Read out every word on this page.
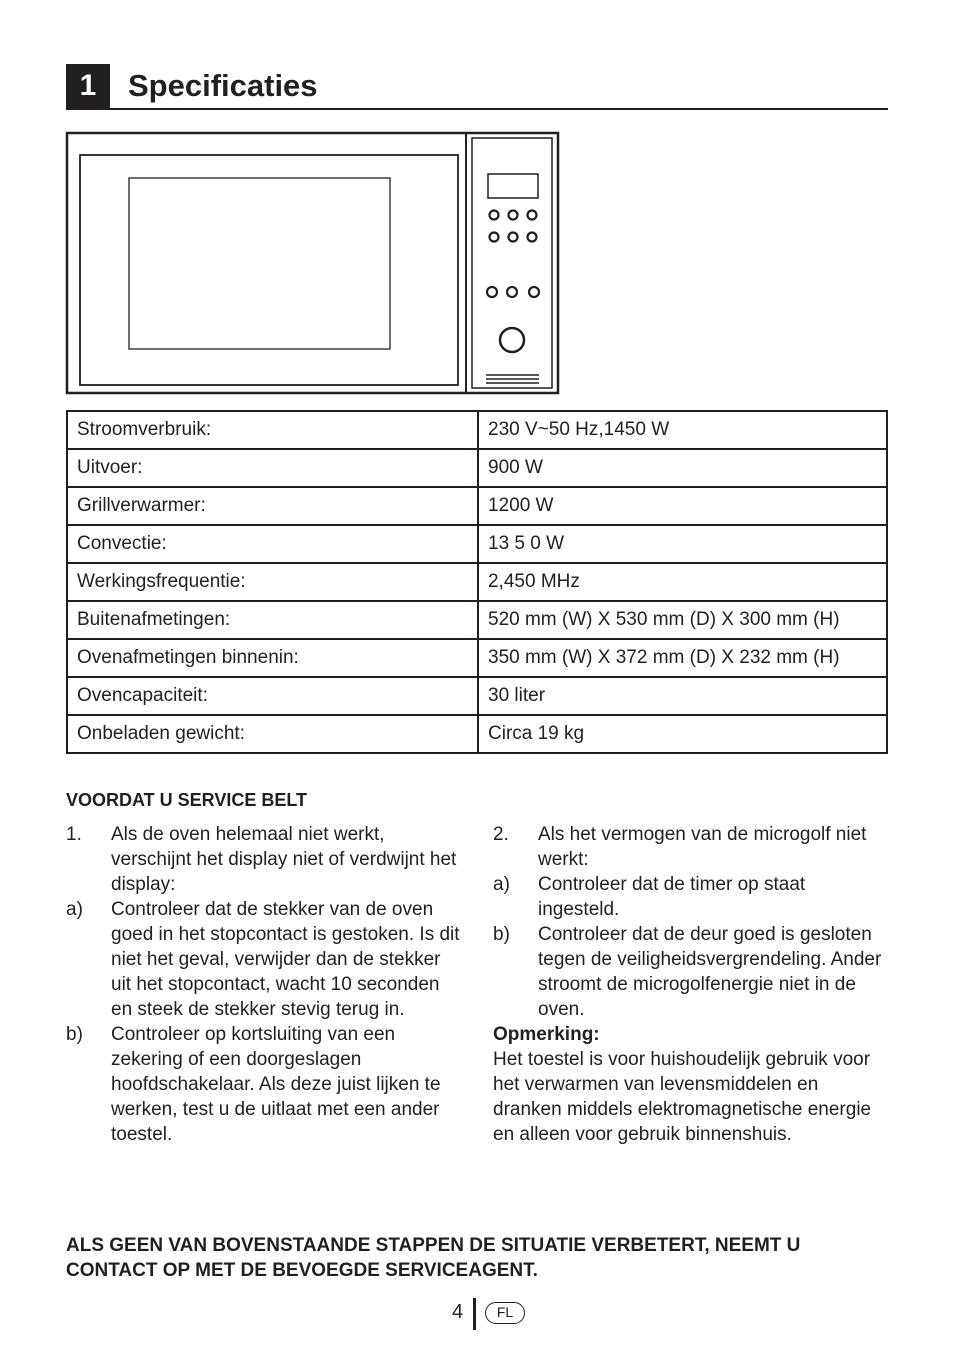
1	Specificaties
Stroomverbruik:	230 V~50 Hz,1450 W
Uitvoer:	900 W
Grillverwarmer:	1200 W
Convectie:	13 5 0 W
Werkingsfrequentie:	2,450 MHz
Buitenafmetingen:	520 mm (W) X 530 mm (D) X 300 mm (H)
Ovenafmetingen binnenin:	350 mm (W) X 372 mm (D) X 232 mm (H)
Ovencapaciteit:	30 liter
Onbeladen gewicht:	Circa 19 kg
VOORDAT U SERVICE BELT
1. Als de oven helemaal niet werkt, verschijnt het display niet of verdwijnt het display:
a) Controleer dat de stekker van de oven goed in het stopcontact is gestoken. Is dit niet het geval, verwijder dan de stekker uit het stopcontact, wacht 10 seconden en steek de stekker stevig terug in.
b) Controleer op kortsluiting van een zekering of een doorgeslagen hoofdschakelaar. Als deze juist lijken te werken, test u de uitlaat met een ander toestel.
2. Als het vermogen van de microgolf niet werkt:
a) Controleer dat de timer op staat ingesteld.
b) Controleer dat de deur goed is gesloten tegen de veiligheidsvergrendeling. Ander stroomt de microgolfenergie niet in de oven.
Opmerking:
Het toestel is voor huishoudelijk gebruik voor het verwarmen van levensmiddelen en dranken middels elektromagnetische energie en alleen voor gebruik binnenshuis.
ALS GEEN VAN BOVENSTAANDE STAPPEN DE SITUATIE VERBETERT, NEEMT U CONTACT OP MET DE BEVOEGDE SERVICEAGENT.
4	FL
